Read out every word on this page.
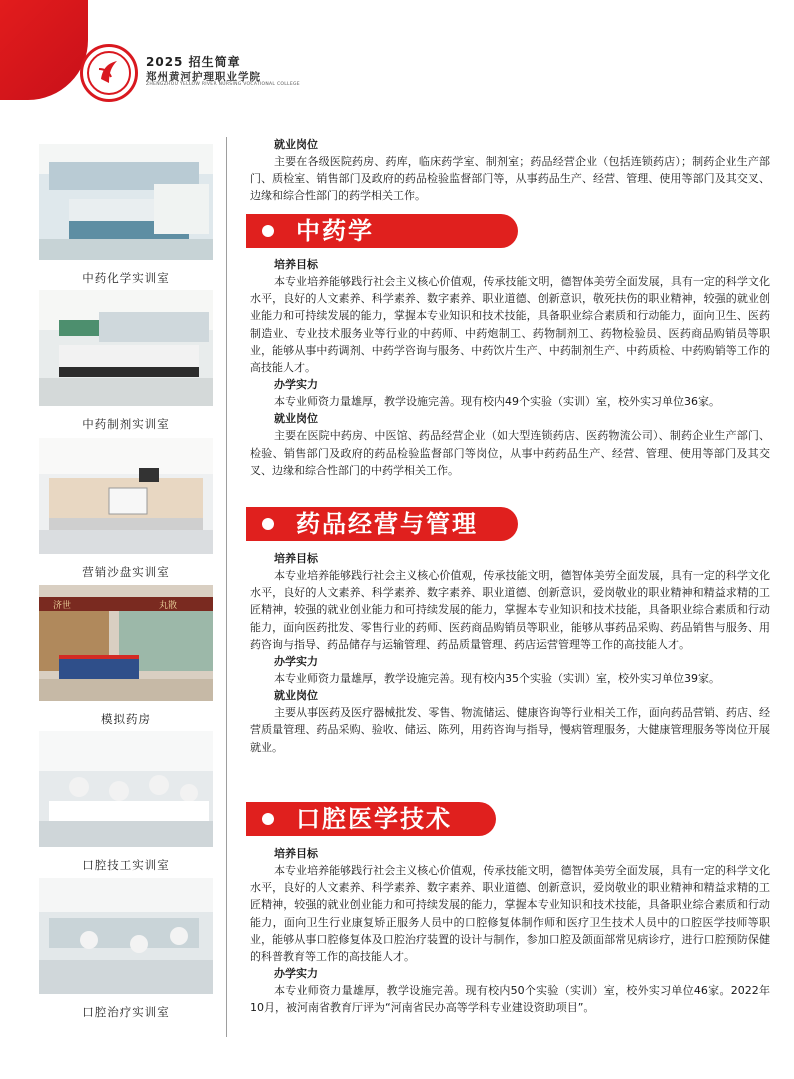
2025 招生简章
郑州黄河护理职业学院
ZHENGZHOU YELLOW RIVER NURSING VOCATIONAL COLLEGE
中药化学实训室
中药制剂实训室
营销沙盘实训室
济世	丸散
模拟药房
口腔技工实训室
口腔治疗实训室
就业岗位
主要在各级医院药房、药库，临床药学室、制剂室；药品经营企业（包括连锁药店）；制药企业生产部门、质检室、销售部门及政府的药品检验监督部门等，从事药品生产、经营、管理、使用等部门及其交叉、边缘和综合性部门的药学相关工作。
中药学
培养目标
本专业培养能够践行社会主义核心价值观，传承技能文明，德智体美劳全面发展，具有一定的科学文化水平，良好的人文素养、科学素养、数字素养、职业道德、创新意识，敬死扶伤的职业精神，较强的就业创业能力和可持续发展的能力，掌握本专业知识和技术技能，具备职业综合素质和行动能力，面向卫生、医药制造业、专业技术服务业等行业的中药师、中药炮制工、药物制剂工、药物检验员、医药商品购销员等职业，能够从事中药调剂、中药学咨询与服务、中药饮片生产、中药制剂生产、中药质检、中药购销等工作的高技能人才。
办学实力
本专业师资力量雄厚，教学设施完善。现有校内49个实验（实训）室，校外实习单位36家。
就业岗位
主要在医院中药房、中医馆、药品经营企业（如大型连锁药店、医药物流公司）、制药企业生产部门、检验、销售部门及政府的药品检验监督部门等岗位，从事中药药品生产、经营、管理、使用等部门及其交叉、边缘和综合性部门的中药学相关工作。
药品经营与管理
培养目标
本专业培养能够践行社会主义核心价值观，传承技能文明，德智体美劳全面发展，具有一定的科学文化水平，良好的人文素养、科学素养、数字素养、职业道德、创新意识，爱岗敬业的职业精神和精益求精的工匠精神，较强的就业创业能力和可持续发展的能力，掌握本专业知识和技术技能，具备职业综合素质和行动能力，面向医药批发、零售行业的药师、医药商品购销员等职业，能够从事药品采购、药品销售与服务、用药咨询与指导、药品储存与运输管理、药品质量管理、药店运营管理等工作的高技能人才。
办学实力
本专业师资力量雄厚，教学设施完善。现有校内35个实验（实训）室，校外实习单位39家。
就业岗位
主要从事医药及医疗器械批发、零售、物流储运、健康咨询等行业相关工作，面向药品营销、药店、经营质量管理、药品采购、验收、储运、陈列，用药咨询与指导，慢病管理服务，大健康管理服务等岗位开展就业。
口腔医学技术
培养目标
本专业培养能够践行社会主义核心价值观，传承技能文明，德智体美劳全面发展，具有一定的科学文化水平，良好的人文素养、科学素养、数字素养、职业道德、创新意识，爱岗敬业的职业精神和精益求精的工匠精神，较强的就业创业能力和可持续发展的能力，掌握本专业知识和技术技能，具备职业综合素质和行动能力，面向卫生行业康复矫正服务人员中的口腔修复体制作师和医疗卫生技术人员中的口腔医学技师等职业，能够从事口腔修复体及口腔治疗装置的设计与制作，参加口腔及颌面部常见病诊疗，进行口腔预防保健的科普教育等工作的高技能人才。
办学实力
本专业师资力量雄厚，教学设施完善。现有校内50个实验（实训）室，校外实习单位46家。2022年10月，被河南省教育厅评为“河南省民办高等学科专业建设资助项目”。
